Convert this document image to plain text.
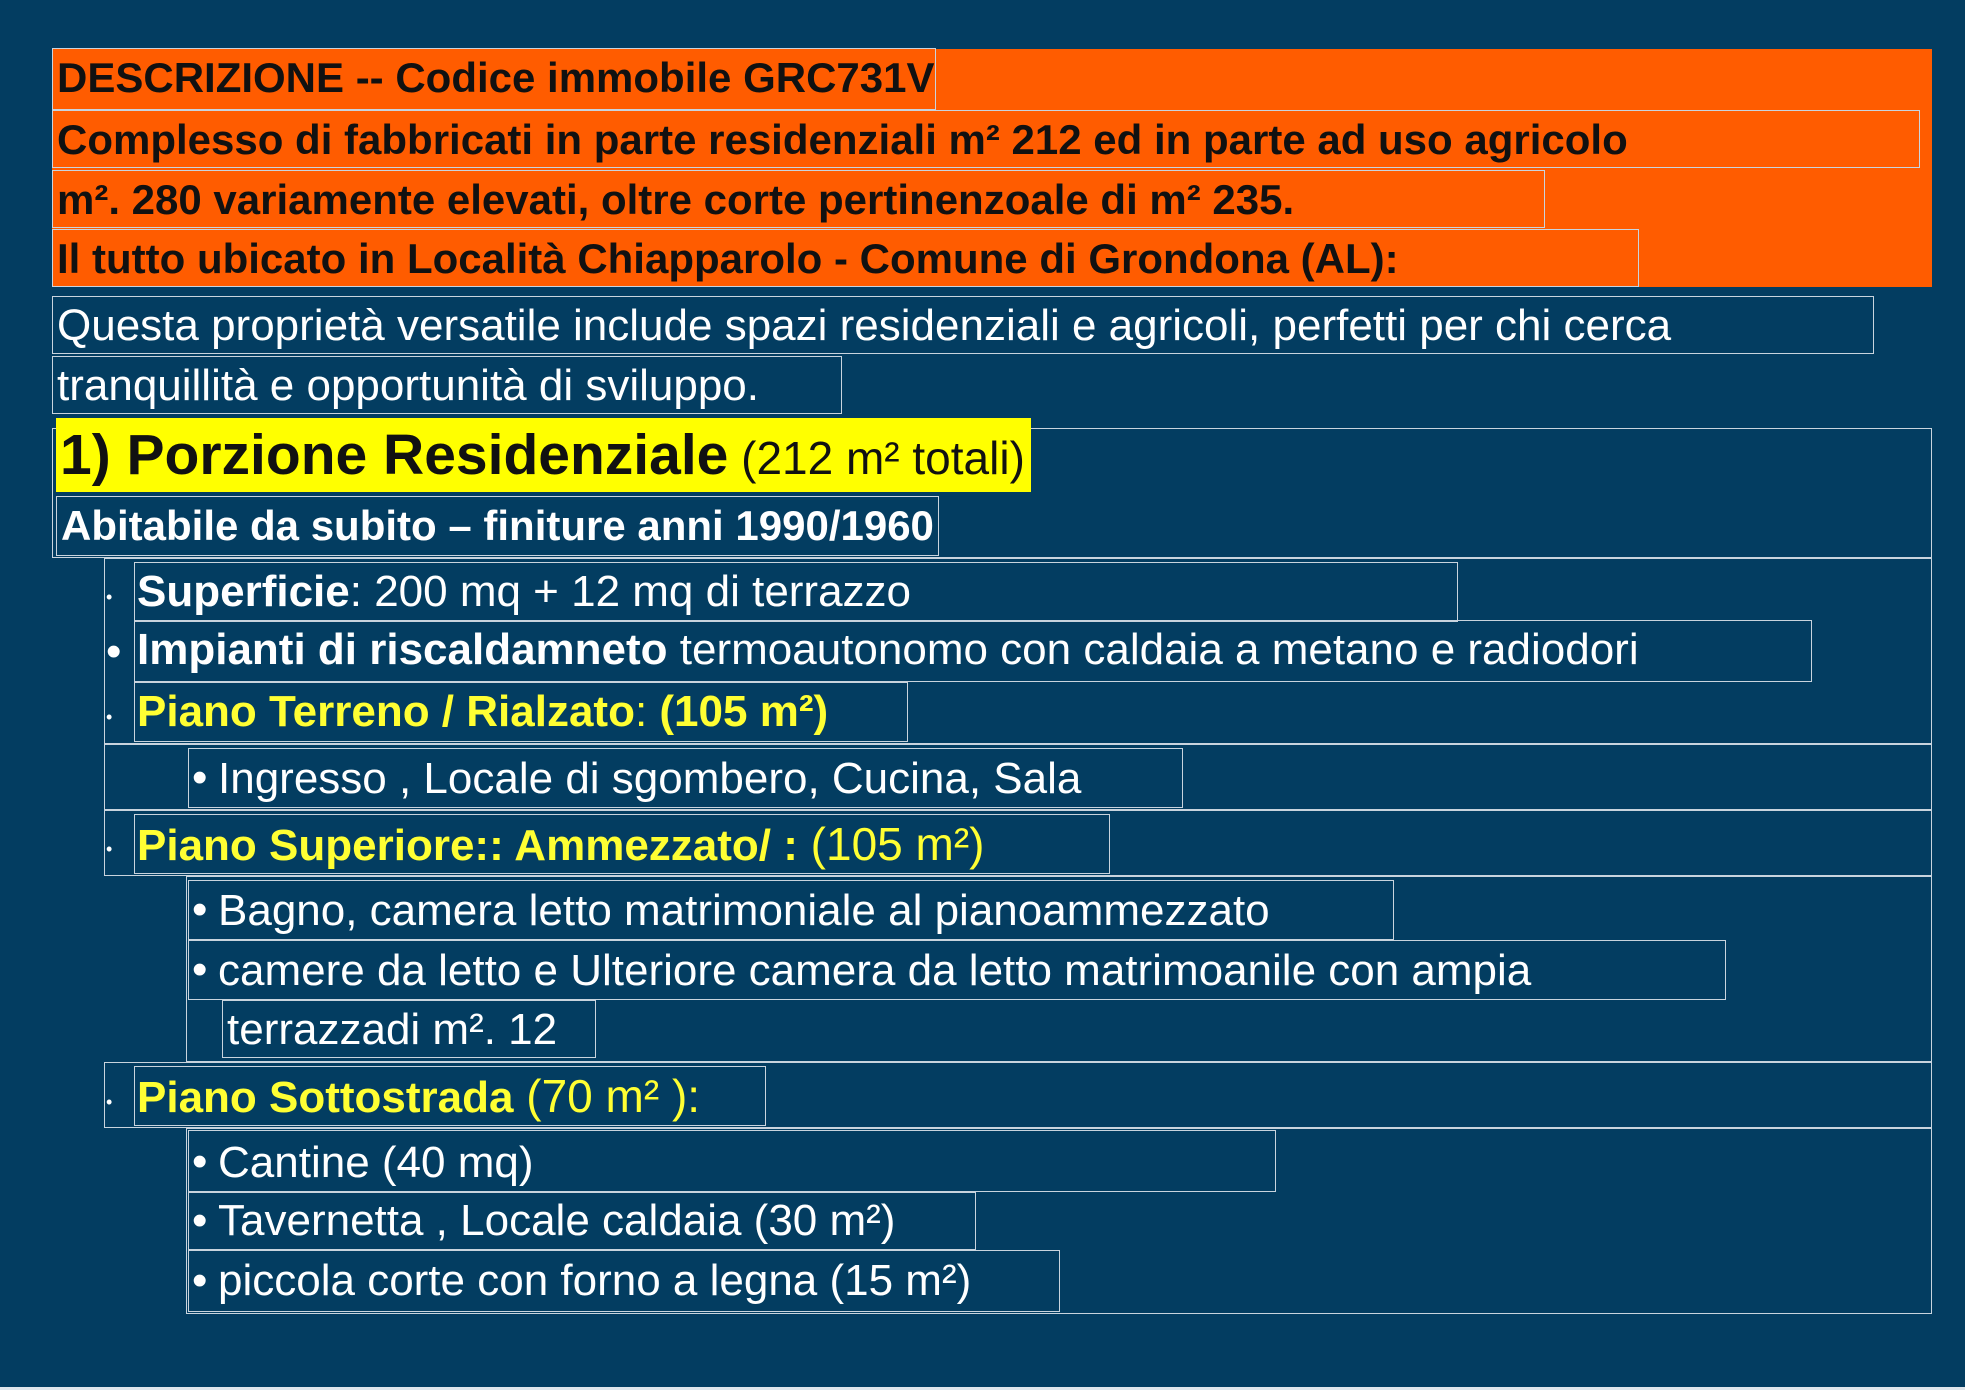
DESCRIZIONE -- Codice immobile GRC731V
Complesso di fabbricati in parte residenziali m² 212 ed in parte ad uso agricolo
m². 280 variamente elevati, oltre corte pertinenzoale di m² 235.
Il tutto ubicato in Località Chiapparolo - Comune di Grondona (AL):
Questa proprietà versatile include spazi residenziali e agricoli, perfetti per chi cerca
tranquillità e opportunità di sviluppo.
1) Porzione Residenziale (212 m² totali)
Abitabile da subito – finiture anni 1990/1960
• Superficie: 200 mq + 12 mq di terrazzo
• Impianti di riscaldamneto termoautonomo con caldaia a metano e radiodori
• Piano Terreno / Rialzato: (105 m²)
• Ingresso , Locale di sgombero, Cucina, Sala
• Piano Superiore:: Ammezzato/ : (105 m²)
• Bagno, camera letto matrimoniale al pianoammezzato
• camere da letto e Ulteriore camera da letto matrimoanile con ampia
terrazzadi m². 12
• Piano Sottostrada (70 m² ):
• Cantine (40 mq)
• Tavernetta , Locale caldaia (30 m²)
• piccola corte con forno a legna (15 m²)
